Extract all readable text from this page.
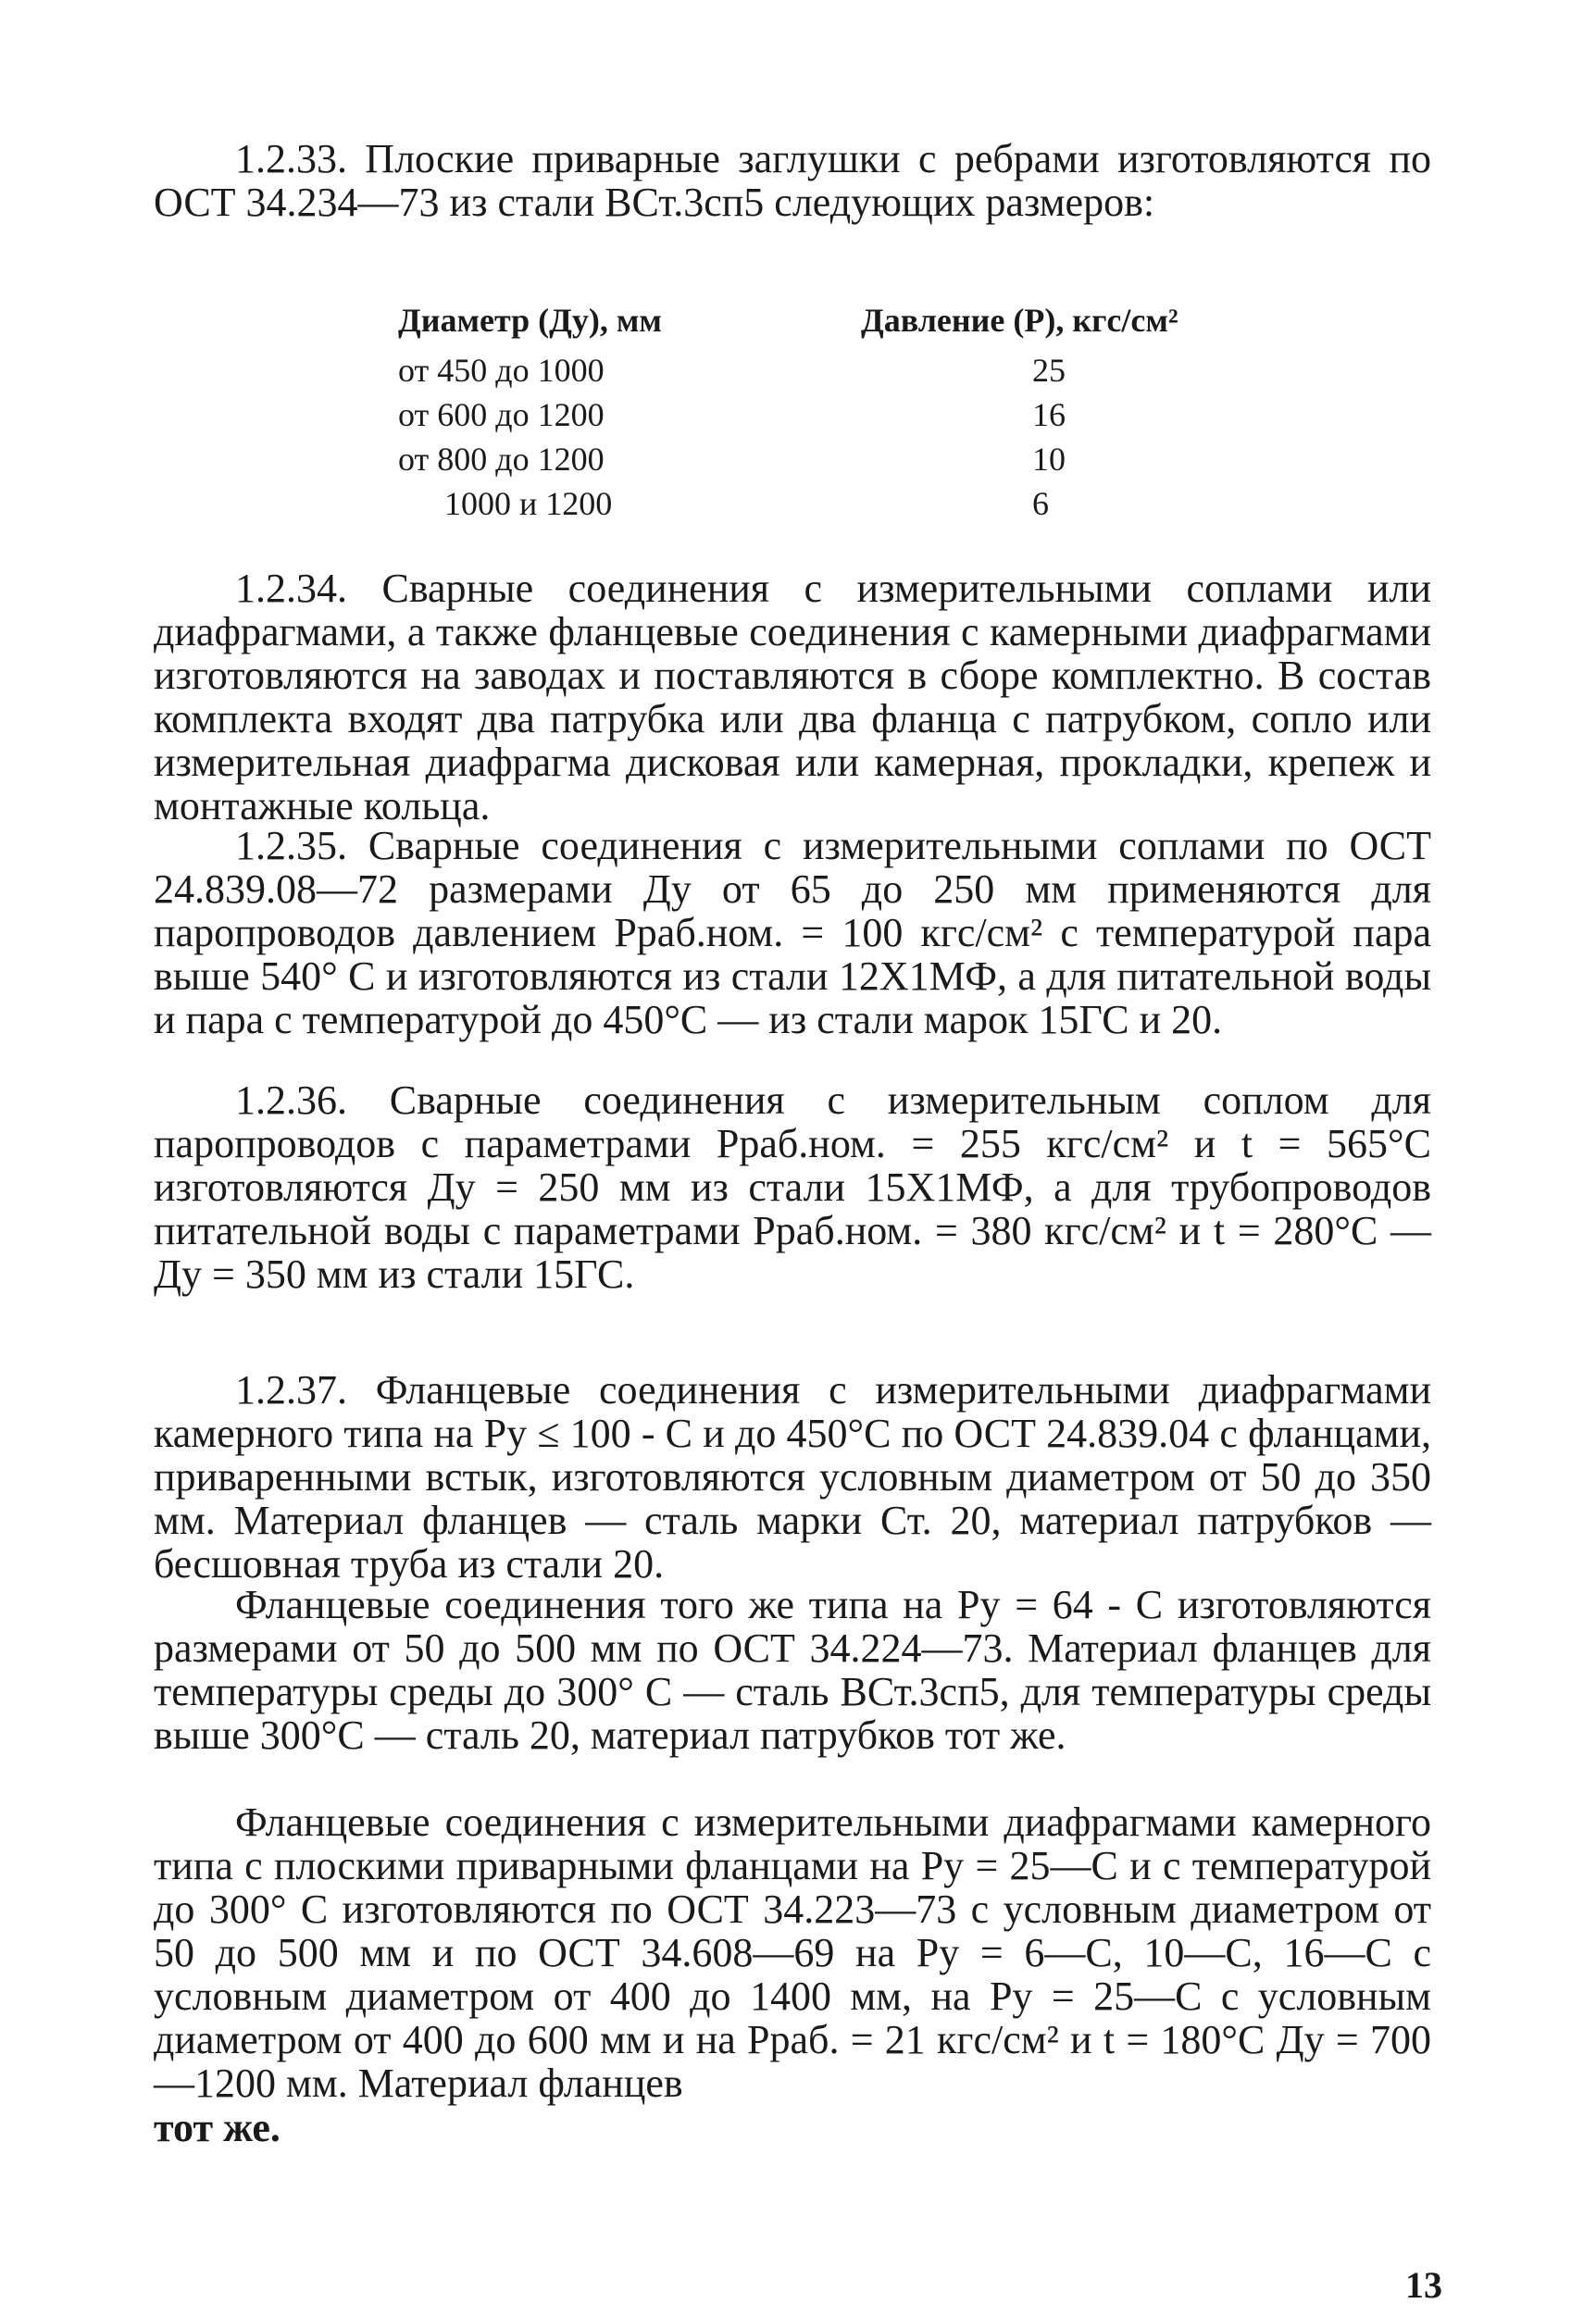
1.2.33. Плоские приварные заглушки с ребрами изготовляются по ОСТ 34.234—73 из стали ВСт.3сп5 следующих размеров:

Диаметр (Дy), мм	Давление (P), кгс/см²
от 450 до 1000	25
от 600 до 1200	16
от 800 до 1200	10
1000 и 1200	6

1.2.34. Сварные соединения с измерительными соплами или диафрагмами, а также фланцевые соединения с камерными диафрагмами изготовляются на заводах и поставляются в сборе комплектно. В состав комплекта входят два патрубка или два фланца с патрубком, сопло или измерительная диафрагма дисковая или камерная, прокладки, крепеж и монтажные кольца.

1.2.35. Сварные соединения с измерительными соплами по ОСТ 24.839.08—72 размерами Дy от 65 до 250 мм применяются для паропроводов давлением Pраб.ном. = 100 кгс/см² с температурой пара выше 540° С и изготовляются из стали 12Х1МФ, а для питательной воды и пара с температурой до 450°С — из стали марок 15ГС и 20.

1.2.36. Сварные соединения с измерительным соплом для паропроводов с параметрами Pраб.ном. = 255 кгс/см² и t = 565°С изготовляются Дy = 250 мм из стали 15Х1МФ, а для трубопроводов питательной воды с параметрами Pраб.ном. = 380 кгс/см² и t = 280°С — Дy = 350 мм из стали 15ГС.

1.2.37. Фланцевые соединения с измерительными диафрагмами камерного типа на Py ≤ 100 - С и до 450°С по ОСТ 24.839.04 с фланцами, приваренными встык, изготовляются условным диаметром от 50 до 350 мм. Материал фланцев — сталь марки Ст. 20, материал патрубков — бесшовная труба из стали 20.

Фланцевые соединения того же типа на Py = 64 - С изготовляются размерами от 50 до 500 мм по ОСТ 34.224—73. Материал фланцев для температуры среды до 300° С — сталь ВСт.3сп5, для температуры среды выше 300°С — сталь 20, материал патрубков тот же.

Фланцевые соединения с измерительными диафрагмами камерного типа с плоскими приварными фланцами на Py = 25—С и с температурой до 300° С изготовляются по ОСТ 34.223—73 с условным диаметром от 50 до 500 мм и по ОСТ 34.608—69 на Py = 6—С, 10—С, 16—С с условным диаметром от 400 до 1400 мм, на Py = 25—С с условным диаметром от 400 до 600 мм и на Pраб. = 21 кгс/см² и t = 180°С Дy = 700—1200 мм. Материал фланцев

тот же.

13
